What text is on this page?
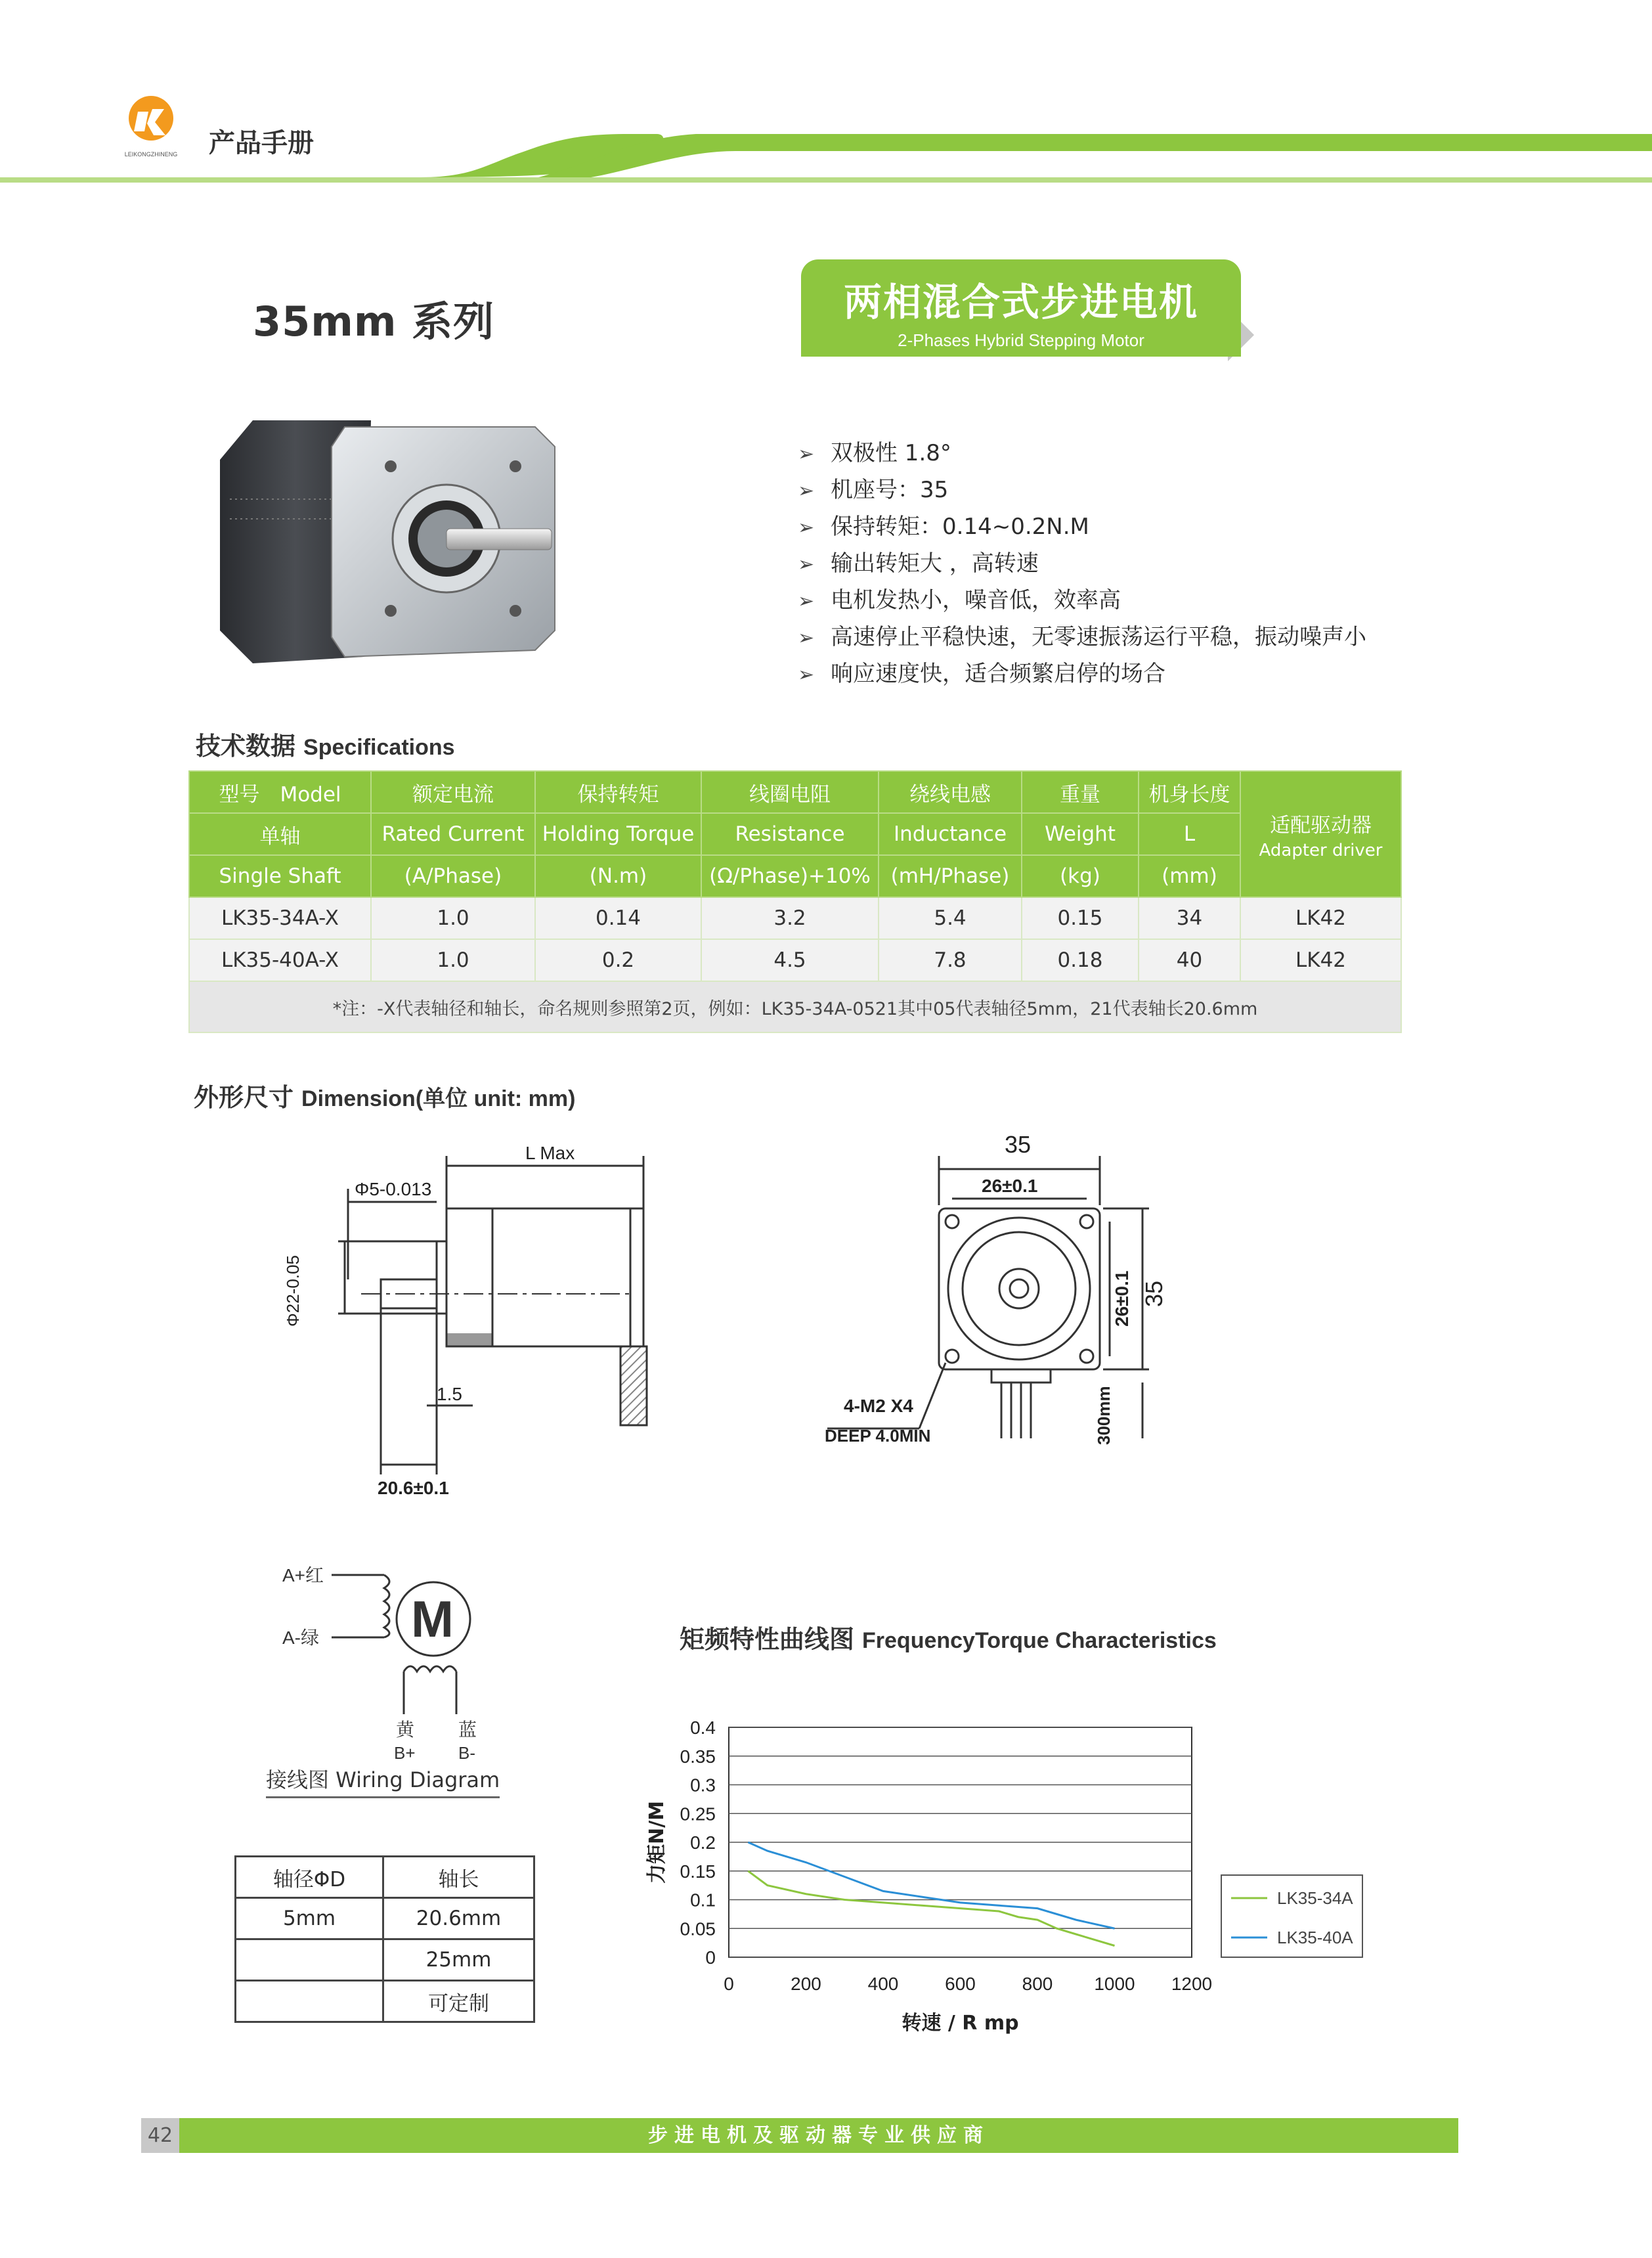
LEIKONGZHINENG 产品手册
35mm 系列	两相混合式步进电机
2-Phases Hybrid Stepping Motor
➢ 双极性 1.8°
➢ 机座号：35
➢ 保持转矩：0.14~0.2N.M
➢ 输出转矩大 ，高转速
➢ 电机发热小，噪音低，效率高
➢ 高速停止平稳快速，无零速振荡运行平稳，振动噪声小
➢ 响应速度快，适合频繁启停的场合
技术数据 Specifications
型号　Model	额定电流	保持转矩	线圈电阻	绕线电感	重量	机身长度	适配驱动器
Adapter driver

单轴	Rated Current	Holding Torque	Resistance	Inductance	Weight	L	
Single Shaft	(A/Phase)	(N.m)	(Ω/Phase)+10%	(mH/Phase)	(kg)	(mm)	
LK35-34A-X	1.0	0.14	3.2	5.4	0.15	34	LK42
LK35-40A-X	1.0	0.2	4.5	7.8	0.18	40	LK42
*注：-X代表轴径和轴长，命名规则参照第2页，例如：LK35-34A-0521其中05代表轴径5mm，21代表轴长20.6mm							
外形尺寸 Dimension(单位 unit: mm)
L Max
Φ5-0.013
Φ22-0.05
1.5
20.6±0.1
35
26±0.1
26±0.1 35
4-M2 X4
DEEP 4.0MIN	300mm
A+红
A-绿 M
黄
B+
蓝
B-
接线图 Wiring Diagram
轴径ΦD	轴长
5mm	20.6mm
	25mm
	可定制
矩频特性曲线图 FrequencyTorque Characteristics
0
0.05
0.1
0.15
0.2
0.25
0.3
0.35
0.4
0	200	400	600	800 1000 1200
转速 / R mp
力矩N/M
LK35-34A
LK35-40A
42	步进电机及驱动器专业供应商
